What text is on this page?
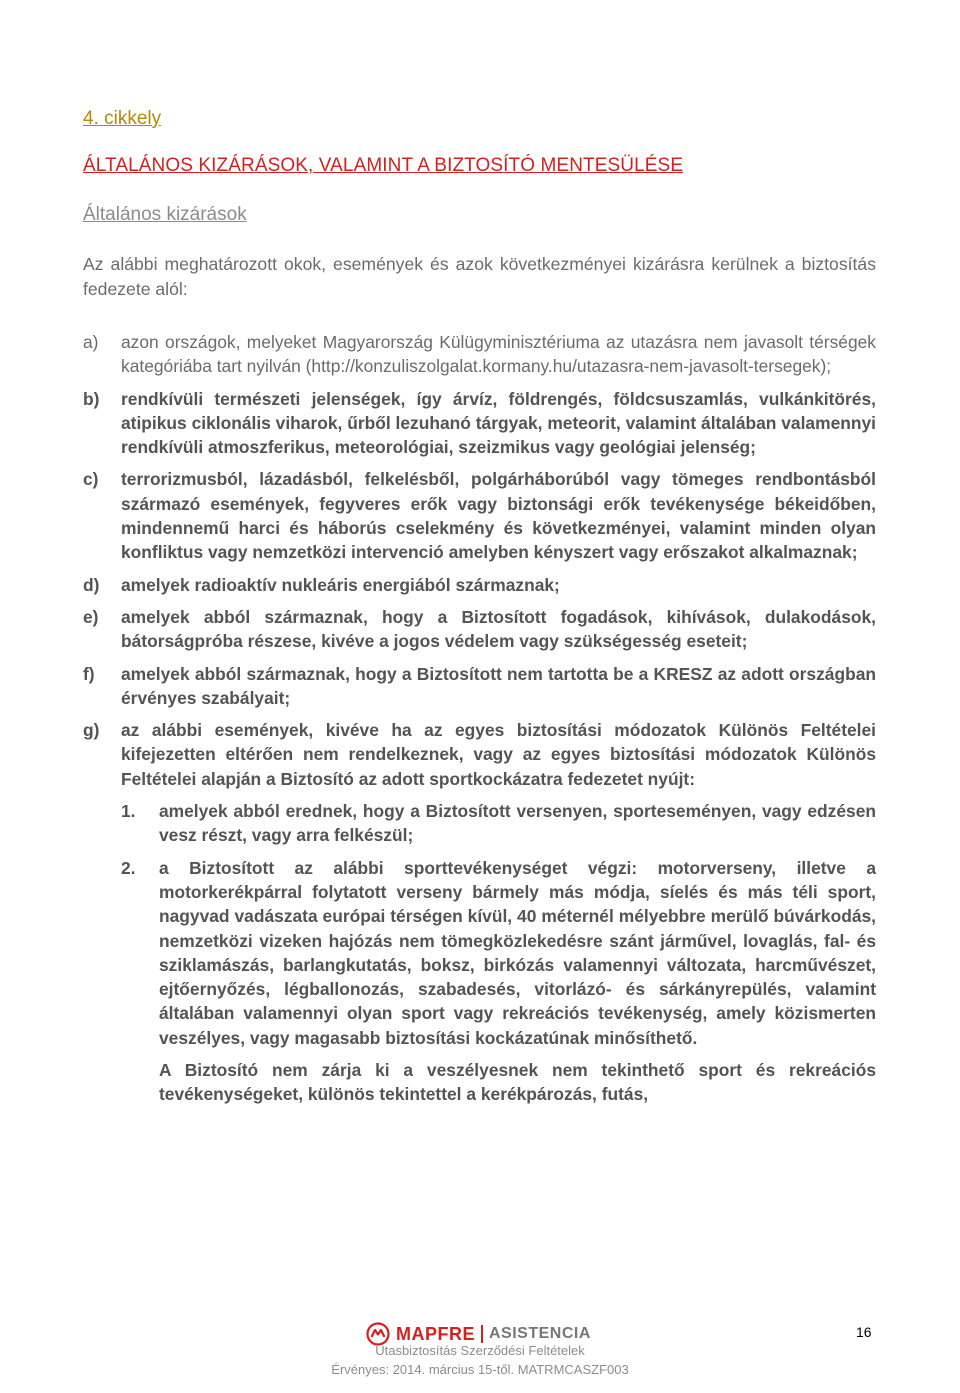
4. cikkely
ÁLTALÁNOS KIZÁRÁSOK, VALAMINT A BIZTOSÍTÓ MENTESÜLÉSE
Általános kizárások
Az alábbi meghatározott okok, események és azok következményei kizárásra kerülnek a biztosítás fedezete alól:
a)	azon országok, melyeket Magyarország Külügyminisztériuma az utazásra nem javasolt térségek kategóriába tart nyilván (http://konzuliszolgalat.kormany.hu/utazasra-nem-javasolt-tersegek);
b)	rendkívüli természeti jelenségek, így árvíz, földrengés, földcsuszamlás, vulkánkitörés, atipikus ciklonális viharok, űrből lezuhanó tárgyak, meteorit, valamint általában valamennyi rendkívüli atmoszferikus, meteorológiai, szeizmikus vagy geológiai jelenség;
c)	terrorizmusból, lázadásból, felkelésből, polgárháborúból vagy tömeges rendbontásból származó események, fegyveres erők vagy biztonsági erők tevékenysége békeidőben, mindennemű harci és háborús cselekmény és következményei, valamint minden olyan konfliktus vagy nemzetközi intervenció amelyben kényszert vagy erőszakot alkalmaznak;
d)	amelyek radioaktív nukleáris energiából származnak;
e)	amelyek abból származnak, hogy a Biztosított fogadások, kihívások, dulakodások, bátorságpróba részese, kivéve a jogos védelem vagy szükségesség eseteit;
f)	amelyek abból származnak, hogy a Biztosított nem tartotta be a KRESZ az adott országban érvényes szabályait;
g)	az alábbi események, kivéve ha az egyes biztosítási módozatok Különös Feltételei kifejezetten eltérően nem rendelkeznek, vagy az egyes biztosítási módozatok Különös Feltételei alapján a Biztosító az adott sportkockázatra fedezetet nyújt:
1.	amelyek abból erednek, hogy a Biztosított versenyen, sporteseményen, vagy edzésen vesz részt, vagy arra felkészül;
2.	a Biztosított az alábbi sporttevékenységet végzi: motorverseny, illetve a motorkerékpárral folytatott verseny bármely más módja, síelés és más téli sport, nagyvad vadászata európai térségen kívül, 40 méternél mélyebbre merülő búvárkodás, nemzetközi vizeken hajózás nem tömegközlekedésre szánt járművel, lovaglás, fal- és sziklamászás, barlangkutatás, boksz, birkózás valamennyi változata, harcművészet, ejtőernyőzés, légballonozás, szabadesés, vitorlázó- és sárkányrepülés, valamint általában valamennyi olyan sport vagy rekreációs tevékenység, amely közismerten veszélyes, vagy magasabb biztosítási kockázatúnak minősíthető.
A Biztosító nem zárja ki a veszélyesnek nem tekinthető sport és rekreációs tevékenységeket, különös tekintettel a kerékpározás, futás,
MAPFRE ASISTENCIA
Utasbiztosítás Szerződési Feltételek
Érvényes: 2014. március 15-től. MATRMCASZF003
16
